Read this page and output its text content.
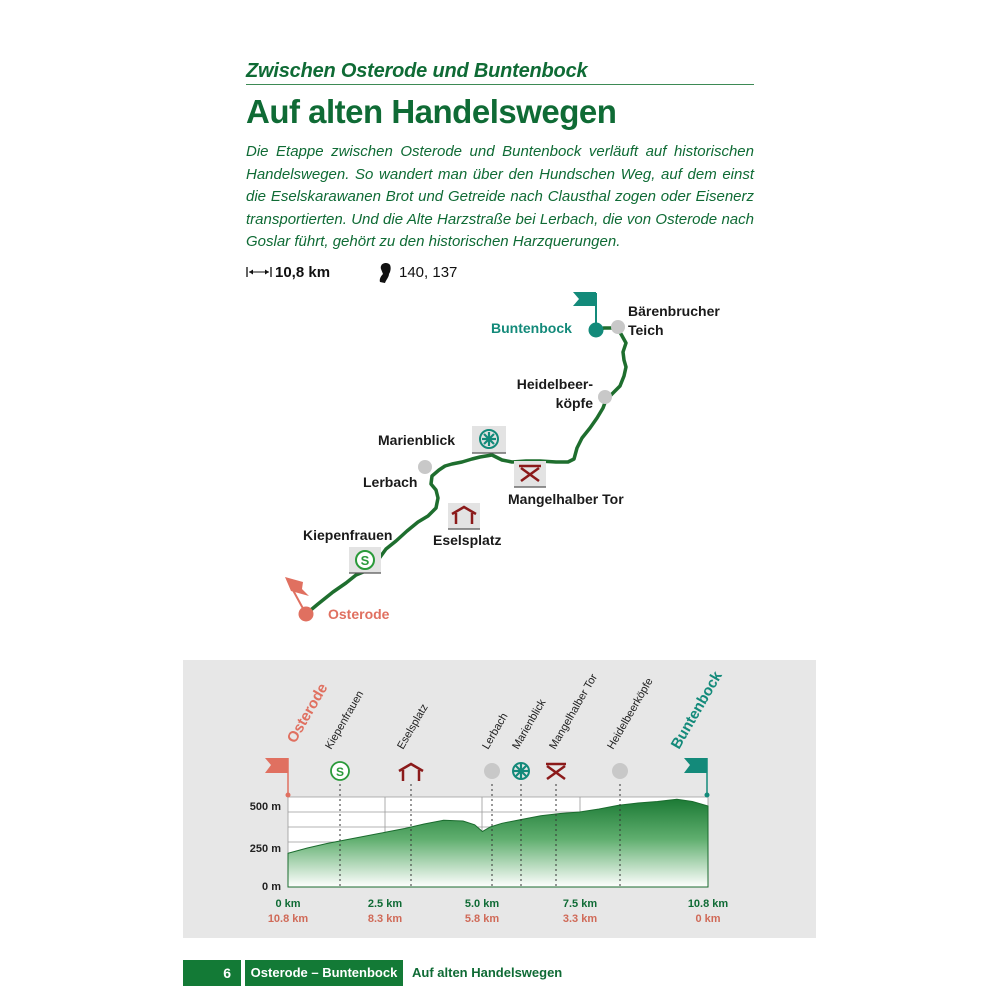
Zwischen Osterode und Buntenbock
Auf alten Handelswegen
Die Etappe zwischen Osterode und Buntenbock verläuft auf historischen Handelswegen. So wandert man über den Hundschen Weg, auf dem einst die Eselskarawanen Brot und Getreide nach Clausthal zogen oder Eisenerz transportierten. Und die Alte Harzstraße bei Lerbach, die von Osterode nach Goslar führt, gehört zu den historischen Harzquerungen.
10,8 km	140, 137
S
Buntenbock
Bärenbrucher
Teich
Heidelbeer-
köpfe
Marienblick
Lerbach
Mangelhalber Tor
Eselsplatz
Kiepenfrauen
Osterode
500 m
250 m
0 m
0 km	2.5 km	5.0 km	7.5 km	10.8 km
10.8 km	8.3 km	5.8 km	3.3 km	0 km
S
Osterode
Kiepenfrauen	Eselsplatz	Lerbach Marienblick
Mangelhalber Tor Heidelbeerköpfe Buntenbock
6	Osterode – Buntenbock	Auf alten Handelswegen
